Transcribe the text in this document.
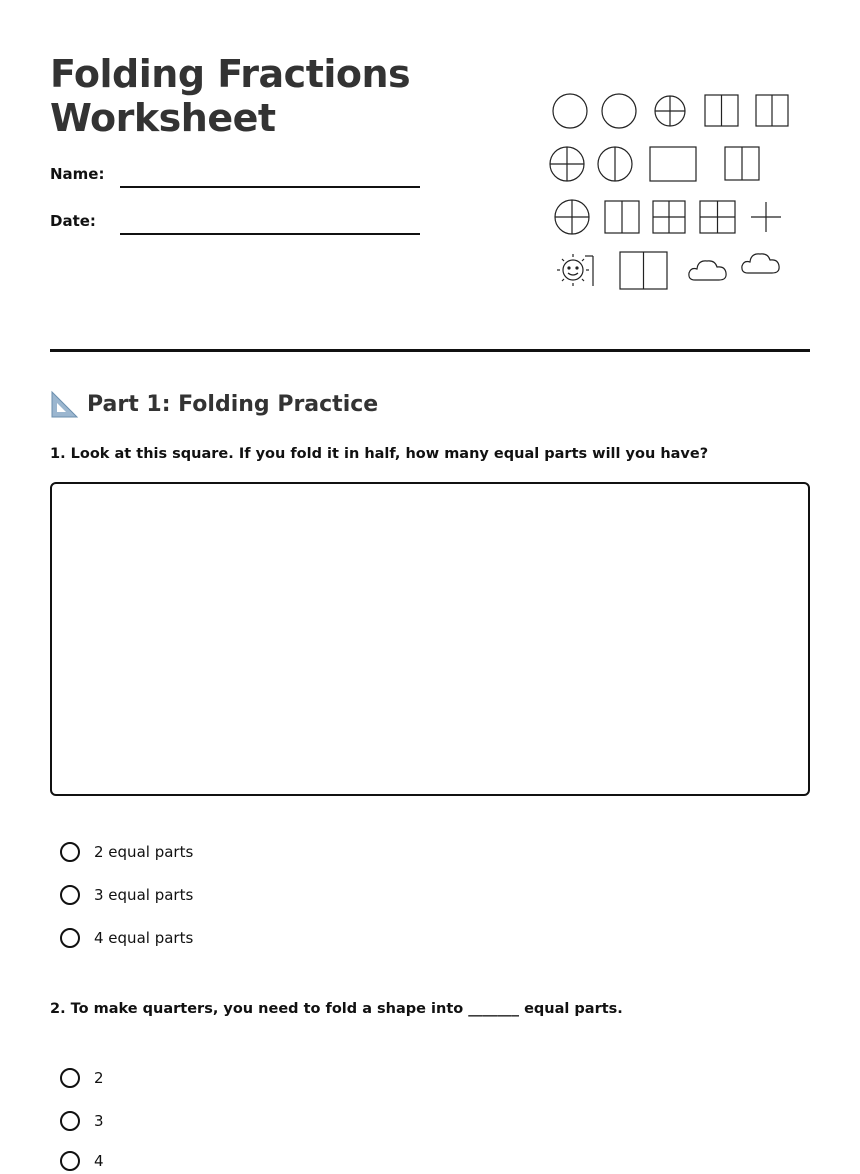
Folding Fractions
Worksheet
Name:
Date:
Part 1: Folding Practice

1. Look at this square. If you fold it in half, how many equal parts will you have?

2 equal parts
3 equal parts
4 equal parts

2. To make quarters, you need to fold a shape into _______ equal parts.

2
3
4
